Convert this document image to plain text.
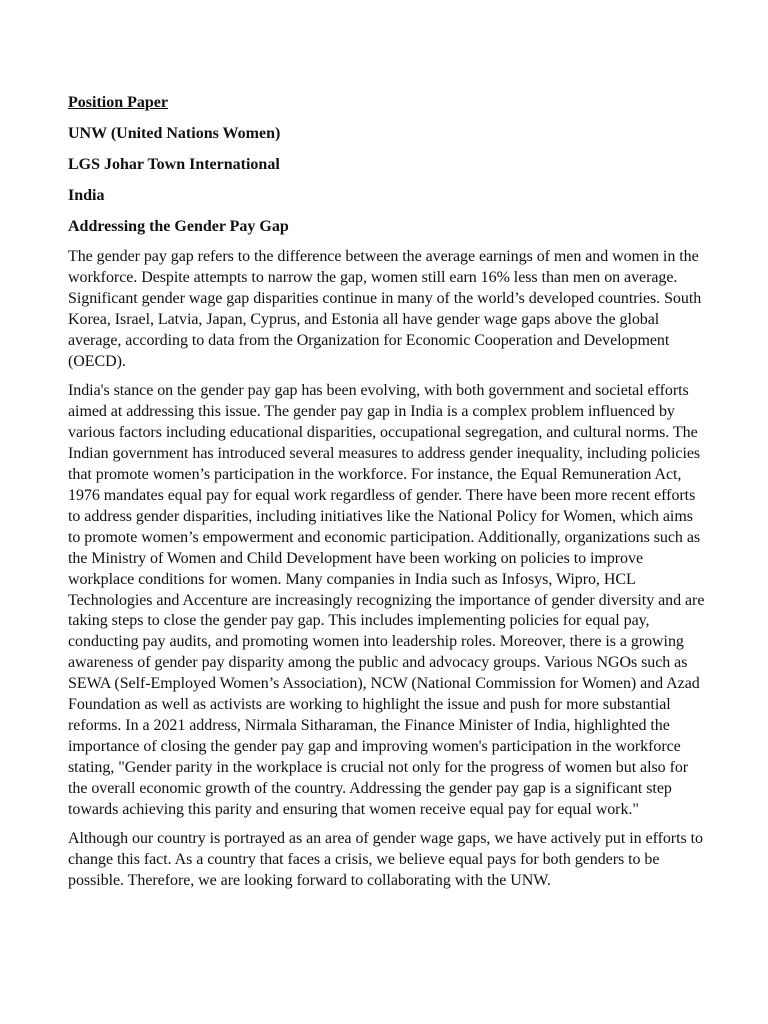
Position Paper
UNW (United Nations Women)
LGS Johar Town International
India
Addressing the Gender Pay Gap

The gender pay gap refers to the difference between the average earnings of men and women in the workforce. Despite attempts to narrow the gap, women still earn 16% less than men on average. Significant gender wage gap disparities continue in many of the world’s developed countries. South Korea, Israel, Latvia, Japan, Cyprus, and Estonia all have gender wage gaps above the global average, according to data from the Organization for Economic Cooperation and Development (OECD).

India's stance on the gender pay gap has been evolving, with both government and societal efforts aimed at addressing this issue. The gender pay gap in India is a complex problem influenced by various factors including educational disparities, occupational segregation, and cultural norms. The Indian government has introduced several measures to address gender inequality, including policies that promote women’s participation in the workforce. For instance, the Equal Remuneration Act, 1976 mandates equal pay for equal work regardless of gender. There have been more recent efforts to address gender disparities, including initiatives like the National Policy for Women, which aims to promote women’s empowerment and economic participation. Additionally, organizations such as the Ministry of Women and Child Development have been working on policies to improve workplace conditions for women. Many companies in India such as Infosys, Wipro, HCL Technologies and Accenture are increasingly recognizing the importance of gender diversity and are taking steps to close the gender pay gap. This includes implementing policies for equal pay, conducting pay audits, and promoting women into leadership roles. Moreover, there is a growing awareness of gender pay disparity among the public and advocacy groups. Various NGOs such as SEWA (Self-Employed Women’s Association), NCW (National Commission for Women) and Azad Foundation as well as activists are working to highlight the issue and push for more substantial reforms. In a 2021 address, Nirmala Sitharaman, the Finance Minister of India, highlighted the importance of closing the gender pay gap and improving women's participation in the workforce stating, "Gender parity in the workplace is crucial not only for the progress of women but also for the overall economic growth of the country. Addressing the gender pay gap is a significant step towards achieving this parity and ensuring that women receive equal pay for equal work."

Although our country is portrayed as an area of gender wage gaps, we have actively put in efforts to change this fact. As a country that faces a crisis, we believe equal pays for both genders to be possible. Therefore, we are looking forward to collaborating with the UNW.
